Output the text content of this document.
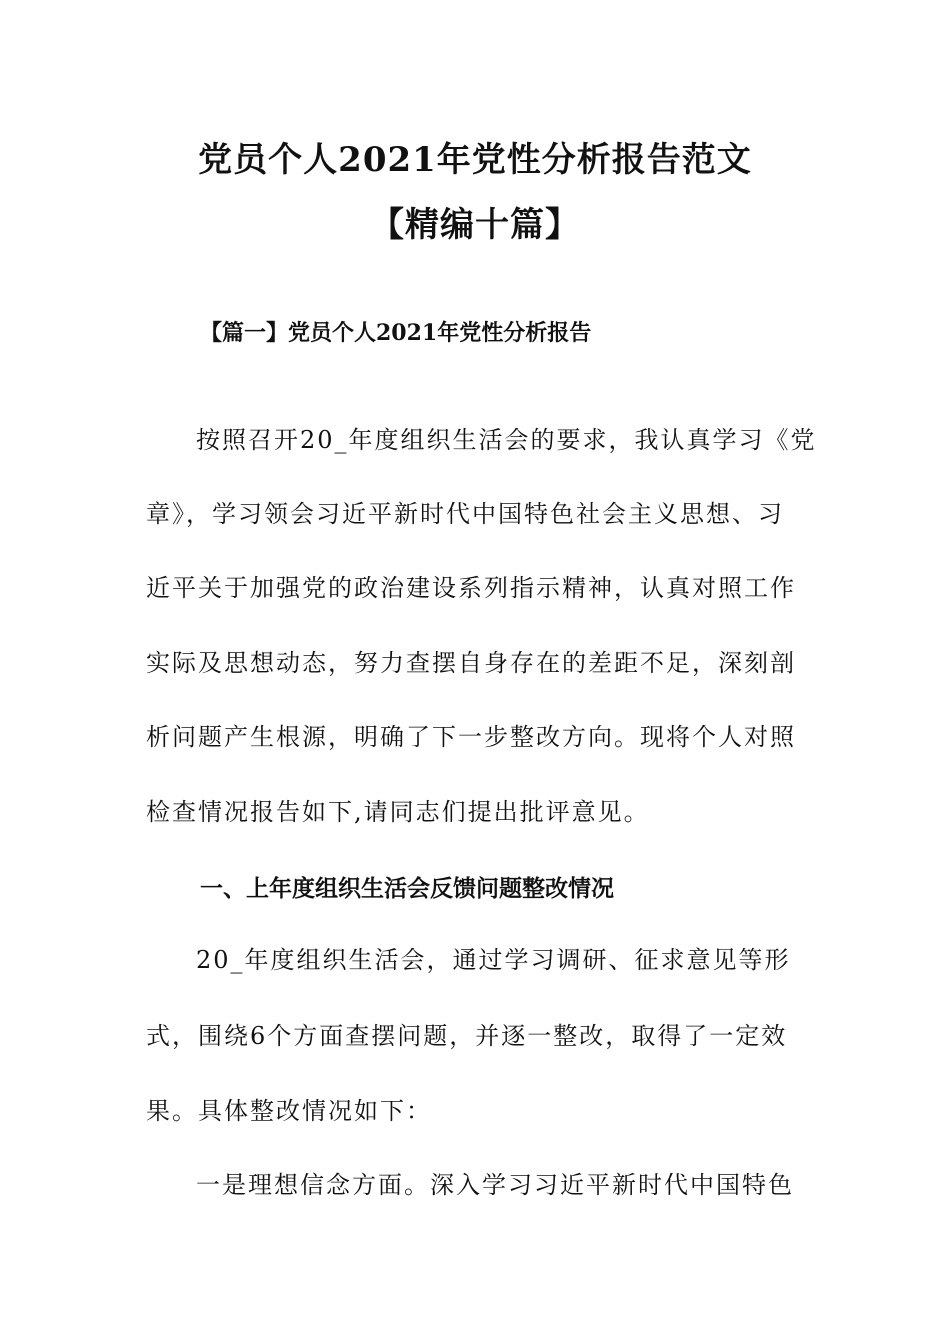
党员个人2021年党性分析报告范文
【精编十篇】
【篇一】党员个人2021年党性分析报告
按照召开20_年度组织生活会的要求，我认真学习《党
章》，学习领会习近平新时代中国特色社会主义思想、习
近平关于加强党的政治建设系列指示精神，认真对照工作
实际及思想动态，努力查摆自身存在的差距不足，深刻剖
析问题产生根源，明确了下一步整改方向。现将个人对照
检查情况报告如下,请同志们提出批评意见。
一、上年度组织生活会反馈问题整改情况
20_年度组织生活会，通过学习调研、征求意见等形
式，围绕6个方面查摆问题，并逐一整改，取得了一定效
果。具体整改情况如下：
一是理想信念方面。深入学习习近平新时代中国特色
